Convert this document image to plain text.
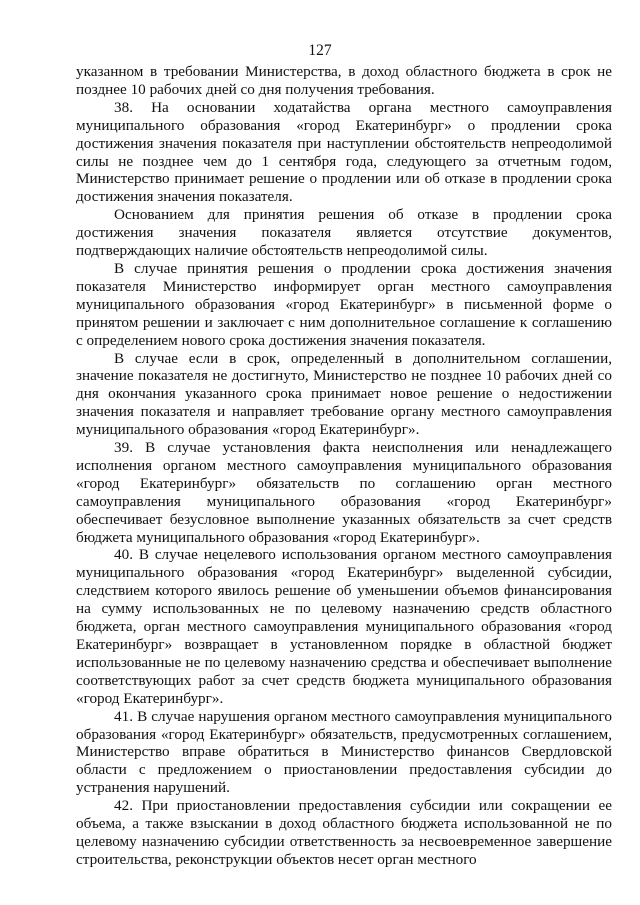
127

указанном в требовании Министерства, в доход областного бюджета в срок не позднее 10 рабочих дней со дня получения требования.

38. На основании ходатайства органа местного самоуправления муниципального образования «город Екатеринбург» о продлении срока достижения значения показателя при наступлении обстоятельств непреодолимой силы не позднее чем до 1 сентября года, следующего за отчетным годом, Министерство принимает решение о продлении или об отказе в продлении срока достижения значения показателя.

Основанием для принятия решения об отказе в продлении срока достижения значения показателя является отсутствие документов, подтверждающих наличие обстоятельств непреодолимой силы.

В случае принятия решения о продлении срока достижения значения показателя Министерство информирует орган местного самоуправления муниципального образования «город Екатеринбург» в письменной форме о принятом решении и заключает с ним дополнительное соглашение к соглашению с определением нового срока достижения значения показателя.

В случае если в срок, определенный в дополнительном соглашении, значение показателя не достигнуто, Министерство не позднее 10 рабочих дней со дня окончания указанного срока принимает новое решение о недостижении значения показателя и направляет требование органу местного самоуправления муниципального образования «город Екатеринбург».

39. В случае установления факта неисполнения или ненадлежащего исполнения органом местного самоуправления муниципального образования «город Екатеринбург» обязательств по соглашению орган местного самоуправления муниципального образования «город Екатеринбург» обеспечивает безусловное выполнение указанных обязательств за счет средств бюджета муниципального образования «город Екатеринбург».

40. В случае нецелевого использования органом местного самоуправления муниципального образования «город Екатеринбург» выделенной субсидии, следствием которого явилось решение об уменьшении объемов финансирования на сумму использованных не по целевому назначению средств областного бюджета, орган местного самоуправления муниципального образования «город Екатеринбург» возвращает в установленном порядке в областной бюджет использованные не по целевому назначению средства и обеспечивает выполнение соответствующих работ за счет средств бюджета муниципального образования «город Екатеринбург».

41. В случае нарушения органом местного самоуправления муниципального образования «город Екатеринбург» обязательств, предусмотренных соглашением, Министерство вправе обратиться в Министерство финансов Свердловской области с предложением о приостановлении предоставления субсидии до устранения нарушений.

42. При приостановлении предоставления субсидии или сокращении ее объема, а также взыскании в доход областного бюджета использованной не по целевому назначению субсидии ответственность за несвоевременное завершение строительства, реконструкции объектов несет орган местного
